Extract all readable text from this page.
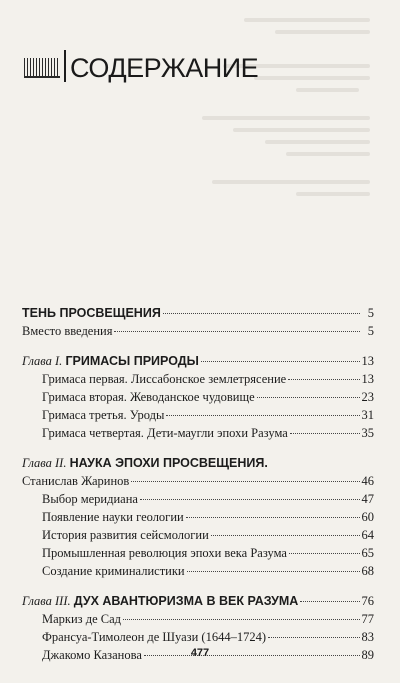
СОДЕРЖАНИЕ
ТЕНЬ ПРОСВЕЩЕНИЯ	5
Вместо введения	5
Глава I. ГРИМАСЫ ПРИРОДЫ	13
Гримаса первая. Лиссабонское землетрясение	13
Гримаса вторая. Жеводанское чудовище	23
Гримаса третья. Уроды	31
Гримаса четвертая. Дети-маугли эпохи Разума	35
Глава II. НАУКА ЭПОХИ ПРОСВЕЩЕНИЯ.
Станислав Жаринов	46
Выбор меридиана	47
Появление науки геологии	60
История развития сейсмологии	64
Промышленная революция эпохи века Разума	65
Создание криминалистики	68
Глава III. ДУХ АВАНТЮРИЗМА В ВЕК РАЗУМА	76
Маркиз де Сад	77
Франсуа-Тимолеон де Шуази (1644–1724)	83
Джакомо Казанова	89
477
